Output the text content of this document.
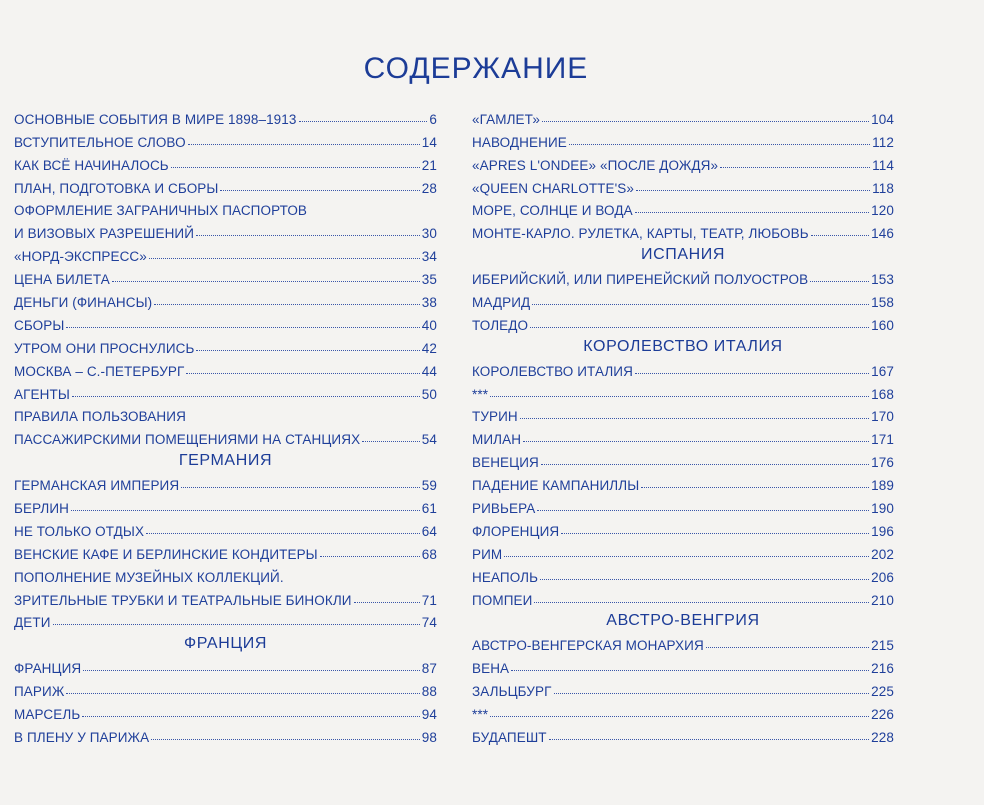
СОДЕРЖАНИЕ
ОСНОВНЫЕ СОБЫТИЯ В МИРЕ 1898–1913	6
ВСТУПИТЕЛЬНОЕ СЛОВО	14
КАК ВСЁ НАЧИНАЛОСЬ	21
ПЛАН, ПОДГОТОВКА И СБОРЫ	28
ОФОРМЛЕНИЕ ЗАГРАНИЧНЫХ ПАСПОРТОВ
И ВИЗОВЫХ РАЗРЕШЕНИЙ	30
«НОРД-ЭКСПРЕСС»	34
ЦЕНА БИЛЕТА	35
ДЕНЬГИ (ФИНАНСЫ)	38
СБОРЫ	40
УТРОМ ОНИ ПРОСНУЛИСЬ	42
МОСКВА – С.-ПЕТЕРБУРГ	44
АГЕНТЫ	50
ПРАВИЛА ПОЛЬЗОВАНИЯ
ПАССАЖИРСКИМИ ПОМЕЩЕНИЯМИ НА СТАНЦИЯХ	54
ГЕРМАНИЯ
ГЕРМАНСКАЯ ИМПЕРИЯ	59
БЕРЛИН	61
НЕ ТОЛЬКО ОТДЫХ	64
ВЕНСКИЕ КАФЕ И БЕРЛИНСКИЕ КОНДИТЕРЫ	68
ПОПОЛНЕНИЕ МУЗЕЙНЫХ КОЛЛЕКЦИЙ.
ЗРИТЕЛЬНЫЕ ТРУБКИ И ТЕАТРАЛЬНЫЕ БИНОКЛИ	71
ДЕТИ	74
ФРАНЦИЯ
ФРАНЦИЯ	87
ПАРИЖ	88
МАРСЕЛЬ	94
В ПЛЕНУ У ПАРИЖА	98
«ГАМЛЕТ»	104
НАВОДНЕНИЕ	112
«APRES L'ONDEE» «ПОСЛЕ ДОЖДЯ»	114
«QUEEN CHARLOTTE'S»	118
МОРЕ, СОЛНЦЕ И ВОДА	120
МОНТЕ-КАРЛО. РУЛЕТКА, КАРТЫ, ТЕАТР, ЛЮБОВЬ	146
ИСПАНИЯ
ИБЕРИЙСКИЙ, ИЛИ ПИРЕНЕЙСКИЙ ПОЛУОСТРОВ	153
МАДРИД	158
ТОЛЕДО	160
КОРОЛЕВСТВО ИТАЛИЯ
КОРОЛЕВСТВО ИТАЛИЯ	167
***	168
ТУРИН	170
МИЛАН	171
ВЕНЕЦИЯ	176
ПАДЕНИЕ КАМПАНИЛЛЫ	189
РИВЬЕРА	190
ФЛОРЕНЦИЯ	196
РИМ	202
НЕАПОЛЬ	206
ПОМПЕИ	210
АВСТРО-ВЕНГРИЯ
АВСТРО-ВЕНГЕРСКАЯ МОНАРХИЯ	215
ВЕНА	216
ЗАЛЬЦБУРГ	225
***	226
БУДАПЕШТ	228
